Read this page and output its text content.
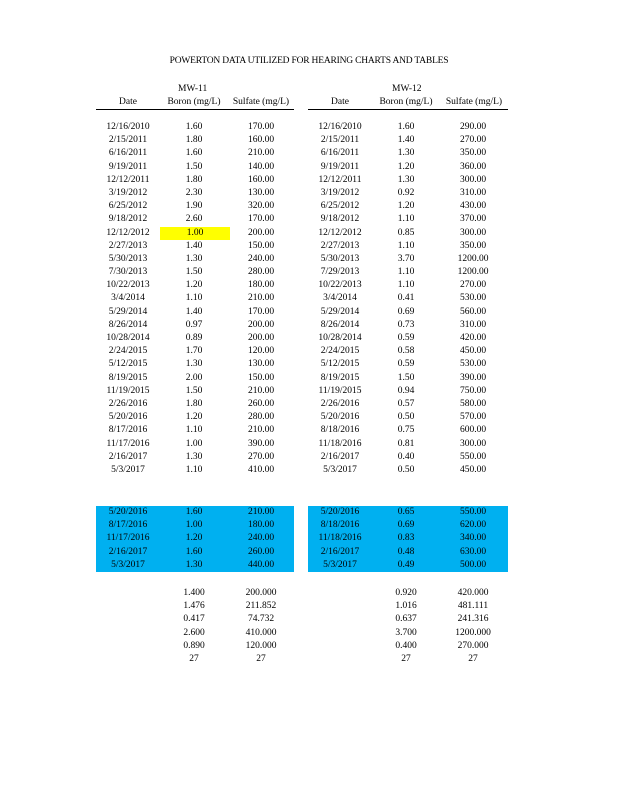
POWERTON DATA UTILIZED FOR HEARING CHARTS AND TABLES
MW-11
Date	Boron (mg/L)	Sulfate (mg/L)
12/16/2010	1.60	170.00
2/15/2011	1.80	160.00
6/16/2011	1.60	210.00
9/19/2011	1.50	140.00
12/12/2011	1.80	160.00
3/19/2012	2.30	130.00
6/25/2012	1.90	320.00
9/18/2012	2.60	170.00
12/12/2012	1.00	200.00
2/27/2013	1.40	150.00
5/30/2013	1.30	240.00
7/30/2013	1.50	280.00
10/22/2013	1.20	180.00
3/4/2014	1.10	210.00
5/29/2014	1.40	170.00
8/26/2014	0.97	200.00
10/28/2014	0.89	200.00
2/24/2015	1.70	120.00
5/12/2015	1.30	130.00
8/19/2015	2.00	150.00
11/19/2015	1.50	210.00
2/26/2016	1.80	260.00
5/20/2016	1.20	280.00
8/17/2016	1.10	210.00
11/17/2016	1.00	390.00
2/16/2017	1.30	270.00
5/3/2017	1.10	410.00
5/20/2016	1.60	210.00
8/17/2016	1.00	180.00
11/17/2016	1.20	240.00
2/16/2017	1.60	260.00
5/3/2017	1.30	440.00
1.400	200.000
1.476	211.852
0.417	74.732
2.600	410.000
0.890	120.000
27	27
MW-12
Date	Boron (mg/L)	Sulfate (mg/L)
12/16/2010	1.60	290.00
2/15/2011	1.40	270.00
6/16/2011	1.30	350.00
9/19/2011	1.20	360.00
12/12/2011	1.30	300.00
3/19/2012	0.92	310.00
6/25/2012	1.20	430.00
9/18/2012	1.10	370.00
12/12/2012	0.85	300.00
2/27/2013	1.10	350.00
5/30/2013	3.70	1200.00
7/29/2013	1.10	1200.00
10/22/2013	1.10	270.00
3/4/2014	0.41	530.00
5/29/2014	0.69	560.00
8/26/2014	0.73	310.00
10/28/2014	0.59	420.00
2/24/2015	0.58	450.00
5/12/2015	0.59	530.00
8/19/2015	1.50	390.00
11/19/2015	0.94	750.00
2/26/2016	0.57	580.00
5/20/2016	0.50	570.00
8/18/2016	0.75	600.00
11/18/2016	0.81	300.00
2/16/2017	0.40	550.00
5/3/2017	0.50	450.00
5/20/2016	0.65	550.00
8/18/2016	0.69	620.00
11/18/2016	0.83	340.00
2/16/2017	0.48	630.00
5/3/2017	0.49	500.00
0.920	420.000
1.016	481.111
0.637	241.316
3.700	1200.000
0.400	270.000
27	27
